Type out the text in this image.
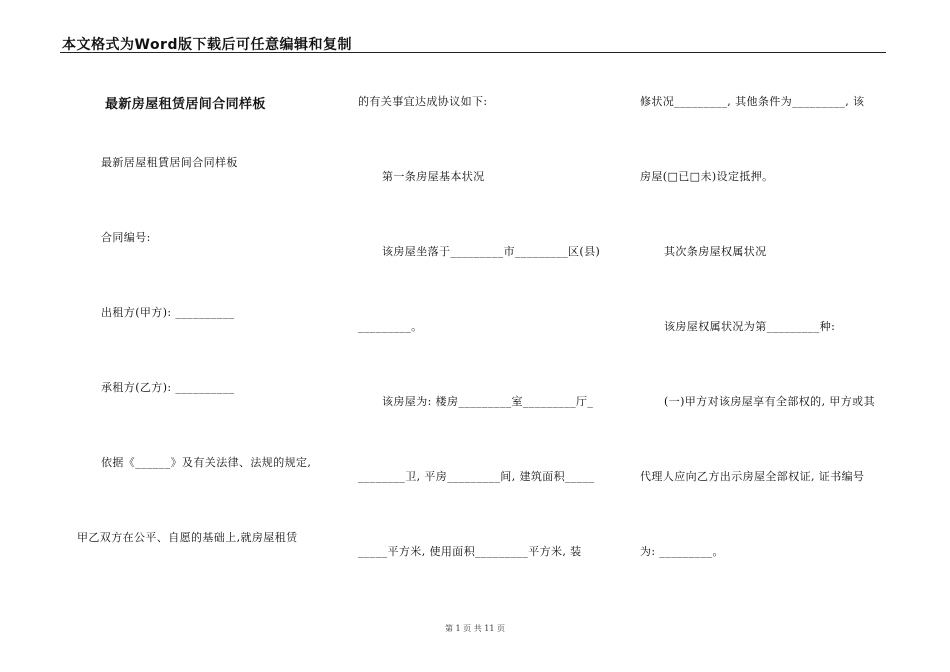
本文格式为Word版下载后可任意编辑和复制
最新房屋租赁居间合同样板
最新居屋租賃居间合同样板
合同编号:
出租方(甲方): __________
承租方(乙方): __________
依据《______》及有关法律、法规的规定,
甲乙双方在公平、自愿的基础上,就房屋租赁
的有关事宜达成协议如下:
第一条房屋基本状况
该房屋坐落于_________市_________区(县)
_________。
该房屋为: 楼房_________室_________厅_
________卫, 平房_________间, 建筑面积_____
_____平方米, 使用面积_________平方米, 装
修状况_________, 其他条件为_________, 该
房屋(□已□未)设定抵押。
其次条房屋权属状况
该房屋权属状况为第_________种:
(一)甲方对该房屋享有全部权的, 甲方或其
代理人应向乙方出示房屋全部权证, 证书编号
为: _________。
第 1 页 共 11 页
